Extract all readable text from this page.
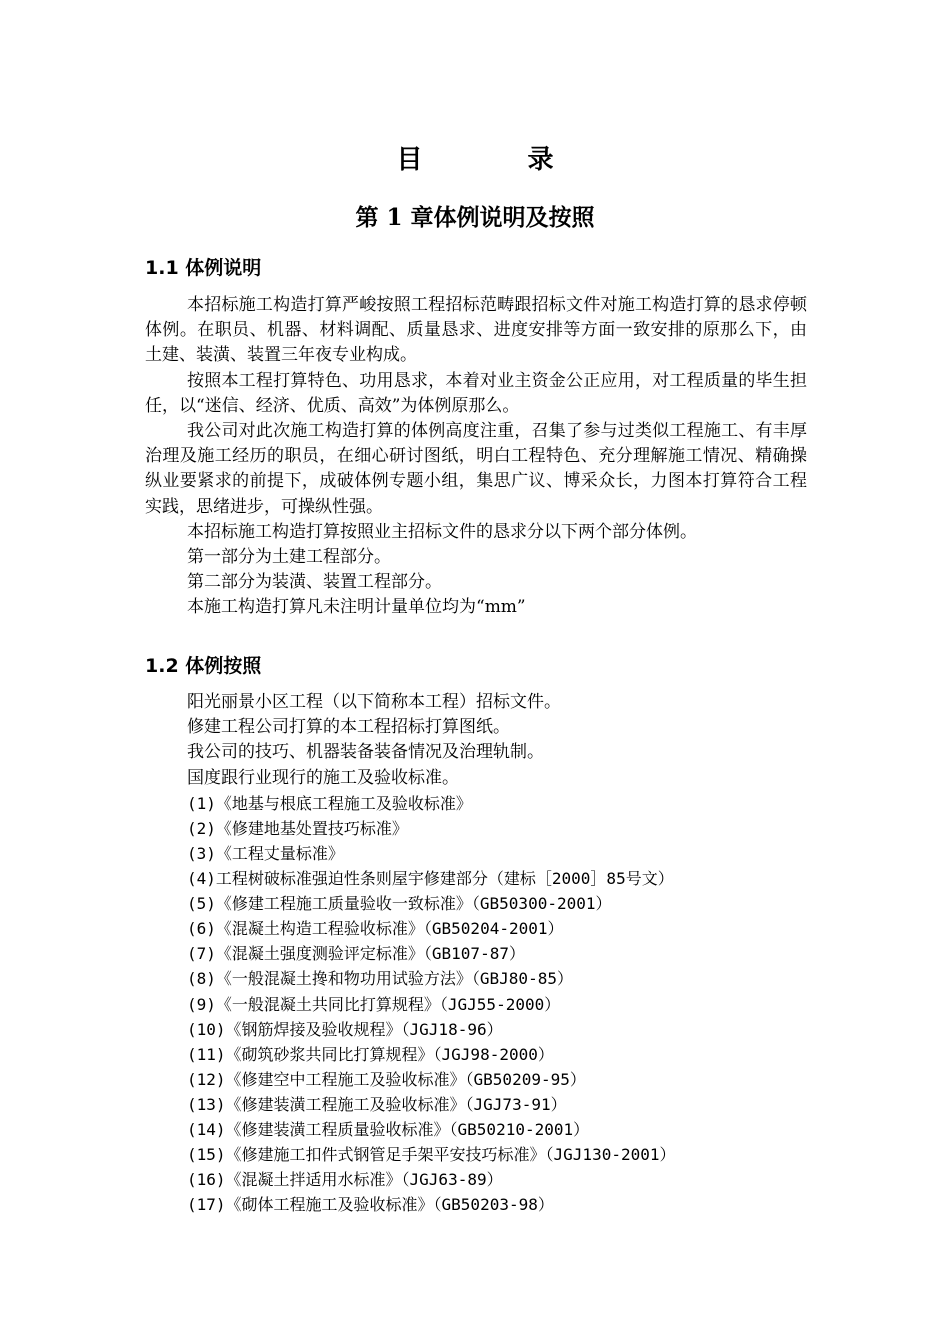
目 录
第 1 章体例说明及按照
1.1 体例说明

本招标施工构造打算严峻按照工程招标范畴跟招标文件对施工构造打算的恳求停顿体例。在职员、机器、材料调配、质量恳求、进度安排等方面一致安排的原那么下，由土建、装潢、装置三年夜专业构成。

按照本工程打算特色、功用恳求，本着对业主资金公正应用，对工程质量的毕生担任，以“迷信、经济、优质、高效”为体例原那么。

我公司对此次施工构造打算的体例高度注重，召集了参与过类似工程施工、有丰厚治理及施工经历的职员，在细心研讨图纸，明白工程特色、充分理解施工情况、精确操纵业要紧求的前提下，成破体例专题小组，集思广议、博采众长，力图本打算符合工程实践，思绪进步，可操纵性强。

本招标施工构造打算按照业主招标文件的恳求分以下两个部分体例。

第一部分为土建工程部分。

第二部分为装潢、装置工程部分。

本施工构造打算凡未注明计量单位均为“mm”

1.2 体例按照

阳光丽景小区工程（以下简称本工程）招标文件。

修建工程公司打算的本工程招标打算图纸。

我公司的技巧、机器装备装备情况及治理轨制。

国度跟行业现行的施工及验收标准。

(1)《地基与根底工程施工及验收标准》

(2)《修建地基处置技巧标准》

(3)《工程丈量标准》

(4)工程树破标准强迫性条则屋宇修建部分（建标［2000］85号文）

(5)《修建工程施工质量验收一致标准》（GB50300-2001）

(6)《混凝土构造工程验收标准》（GB50204-2001）

(7)《混凝土强度测验评定标准》（GB107-87）

(8)《一般混凝土搀和物功用试验方法》（GBJ80-85）

(9)《一般混凝土共同比打算规程》（JGJ55-2000）

(10)《钢筋焊接及验收规程》（JGJ18-96）

(11)《砌筑砂浆共同比打算规程》（JGJ98-2000）

(12)《修建空中工程施工及验收标准》（GB50209-95）

(13)《修建装潢工程施工及验收标准》（JGJ73-91）

(14)《修建装潢工程质量验收标准》（GB50210-2001）

(15)《修建施工扣件式钢管足手架平安技巧标准》（JGJ130-2001）

(16)《混凝土拌适用水标准》（JGJ63-89）

(17)《砌体工程施工及验收标准》（GB50203-98）
